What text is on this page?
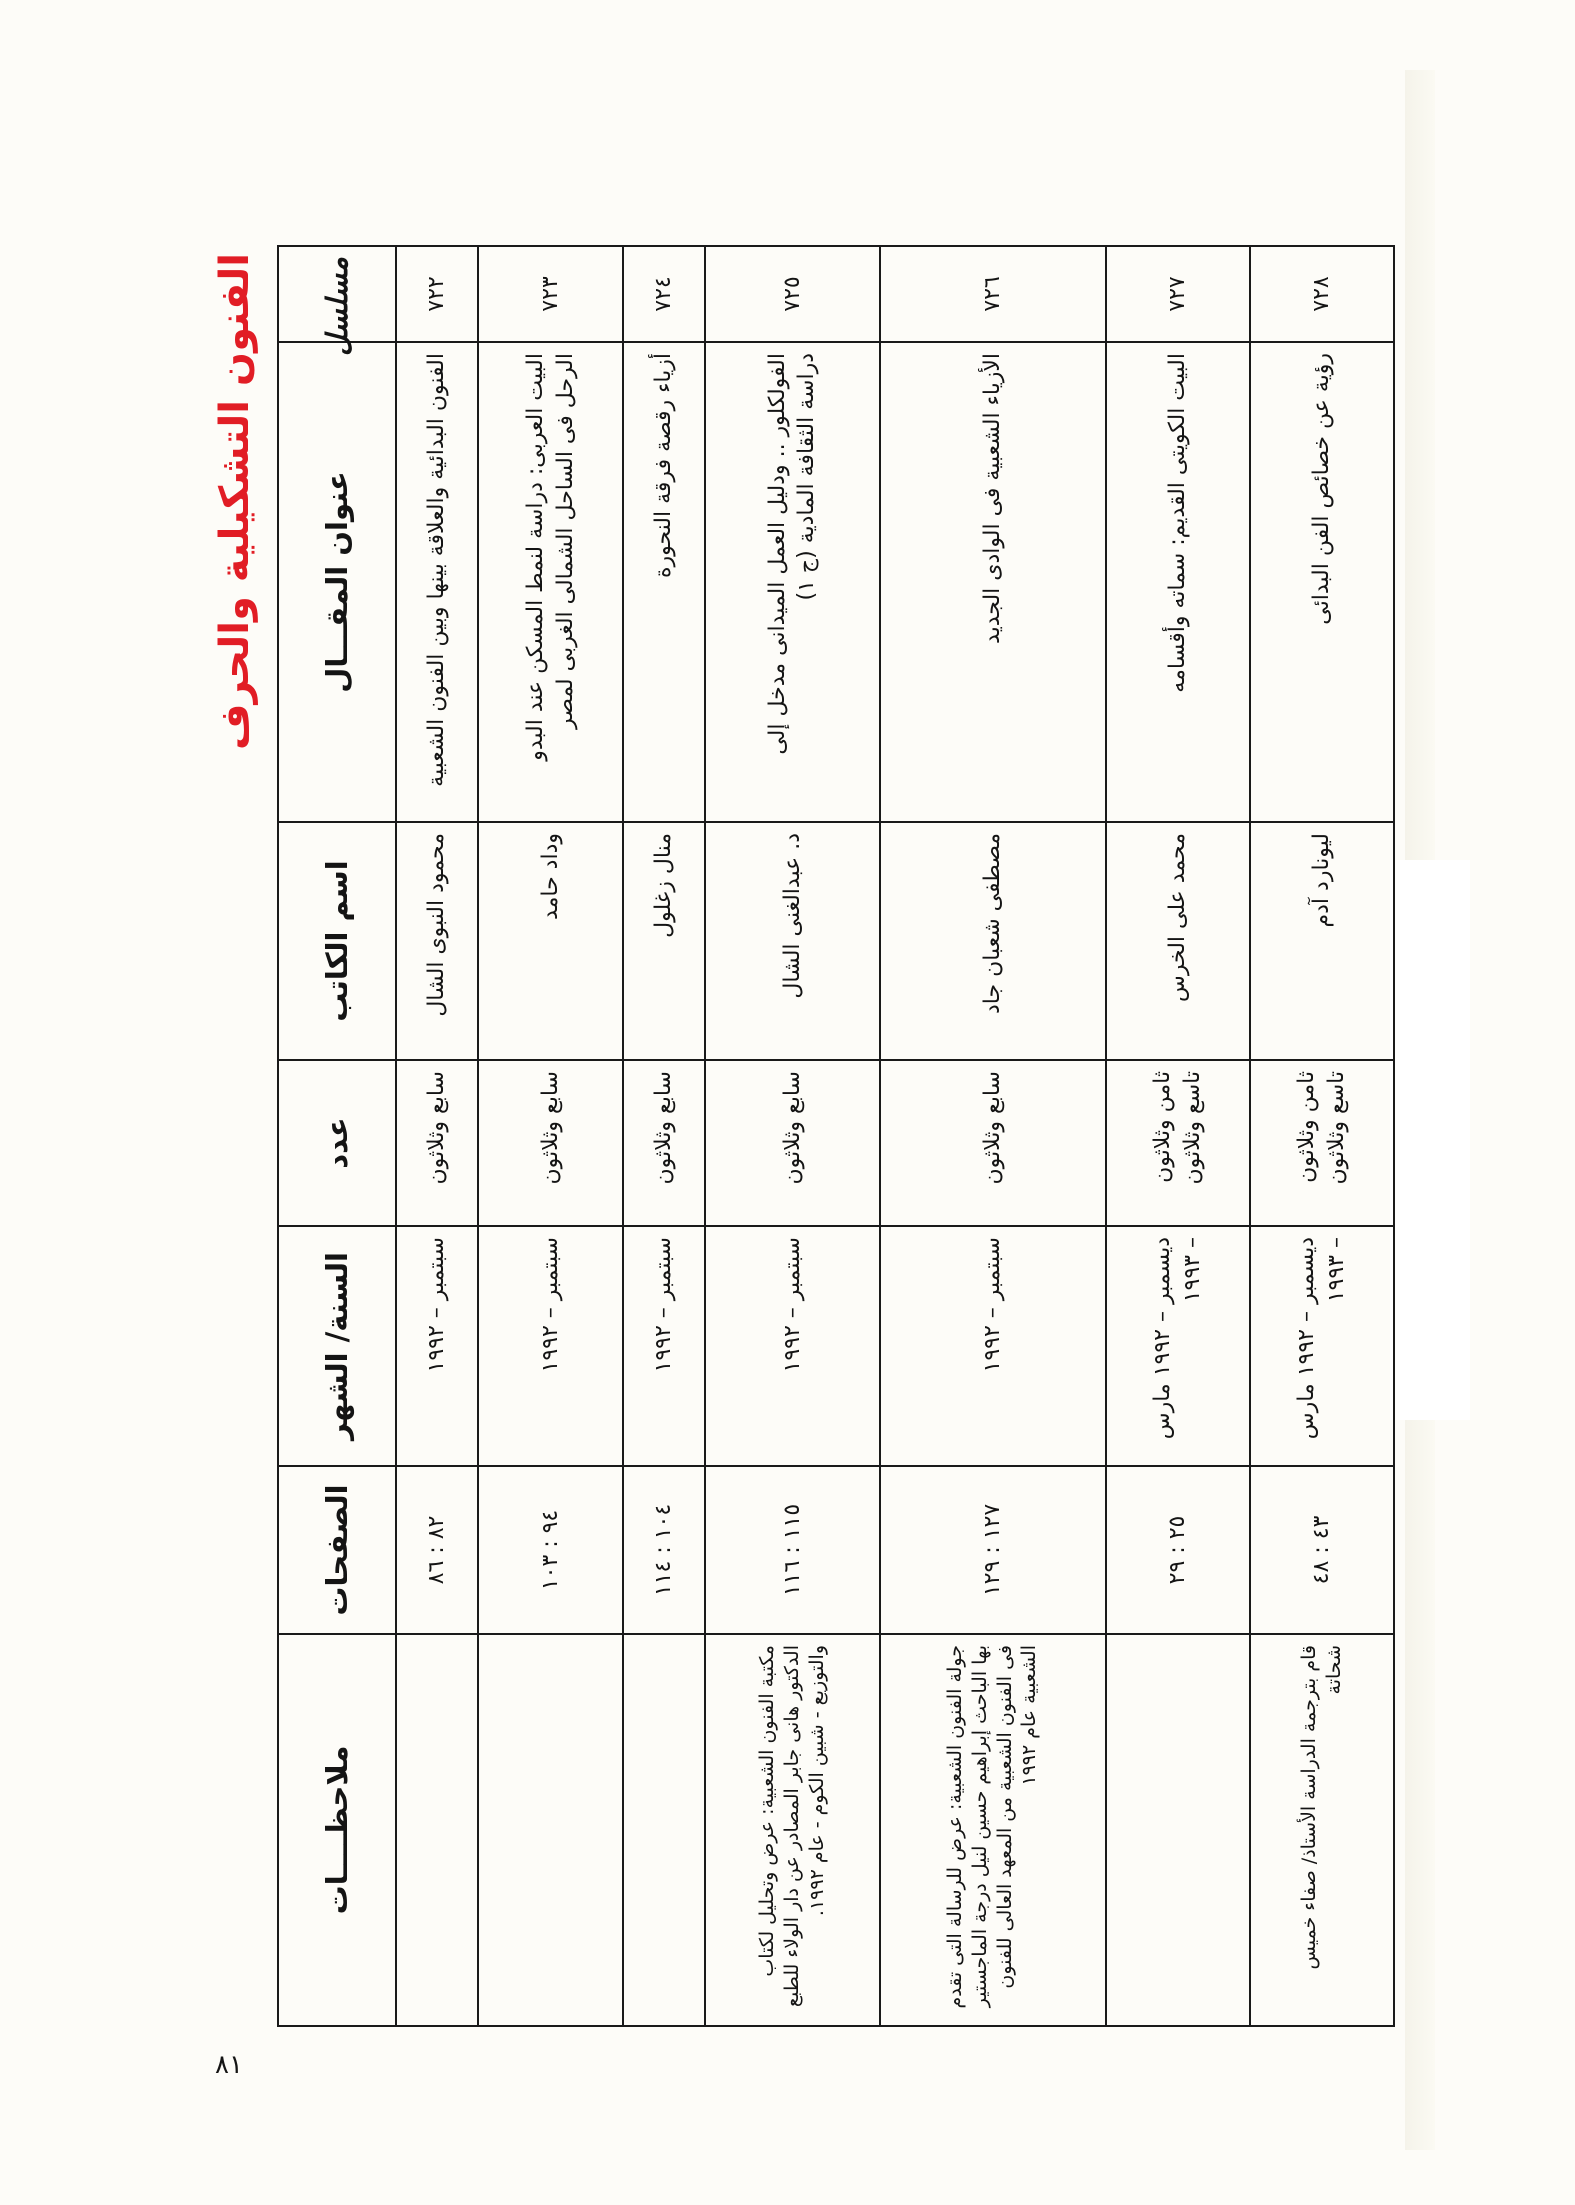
الفنون التشكيلية والحرف	مسلسل	عنوان المقـــال	اسم الكاتب	عدد	السنة/ الشهر	الصفحات	ملاحظــــات
٧٢٢	الفنون البدائية والعلاقة بينها وبين الفنون الشعبية	محمود النبوى الشال	سابع وثلاثون	سبتمبر – ١٩٩٢	٨٢ : ٨٦	
٧٢٣	البيت العربى: دراسة لنمط المسكن عند البدو الرحل فى الساحل الشمالى الغربى لمصر	وداد حامد	سابع وثلاثون	سبتمبر – ١٩٩٢	٩٤ : ١٠٣	
٧٢٤	أزياء رقصة فرقة النحورة	منال زغلول	سابع وثلاثون	سبتمبر – ١٩٩٢	١٠٤ : ١١٤	
٧٢٥	الفولكلور .. ودليل العمل الميدانى مدخل إلى دراسة الثقافة المادية (ج ١)	د. عبدالغنى الشال	سابع وثلاثون	سبتمبر – ١٩٩٢	١١٥ : ١١٦	مكتبة الفنون الشعبية: عرض وتحليل لكتاب الدكتور هانى جابر المصادر عن دار الولاء للطبع والتوزيع - شبين الكوم - عام ١٩٩٢.
٧٢٦	الأزياء الشعبية فى الوادى الجديد	مصطفى شعبان جاد	سابع وثلاثون	سبتمبر – ١٩٩٢	١٢٧ : ١٢٩	جولة الفنون الشعبية: عرض للرسالة التى تقدم بها الباحث إبراهيم حسين لنيل درجة الماجستير فى الفنون الشعبية من المعهد العالى للفنون الشعبية عام ١٩٩٢
٧٢٧	البيت الكويتى القديم: سماته وأقسامه	محمد على الخرس	ثامن وثلاثون تاسع وثلاثون	ديسمبر – ١٩٩٢ مارس – ١٩٩٣	٢٥ : ٢٩	
٧٢٨	رؤية عن خصائص الفن البدائى	ليونارد آدم	ثامن وثلاثون تاسع وثلاثون	ديسمبر – ١٩٩٢ مارس – ١٩٩٣	٤٣ : ٤٨	قام بترجمة الدراسة الأستاذ/ صفاء خميس شحاتة
٨١
